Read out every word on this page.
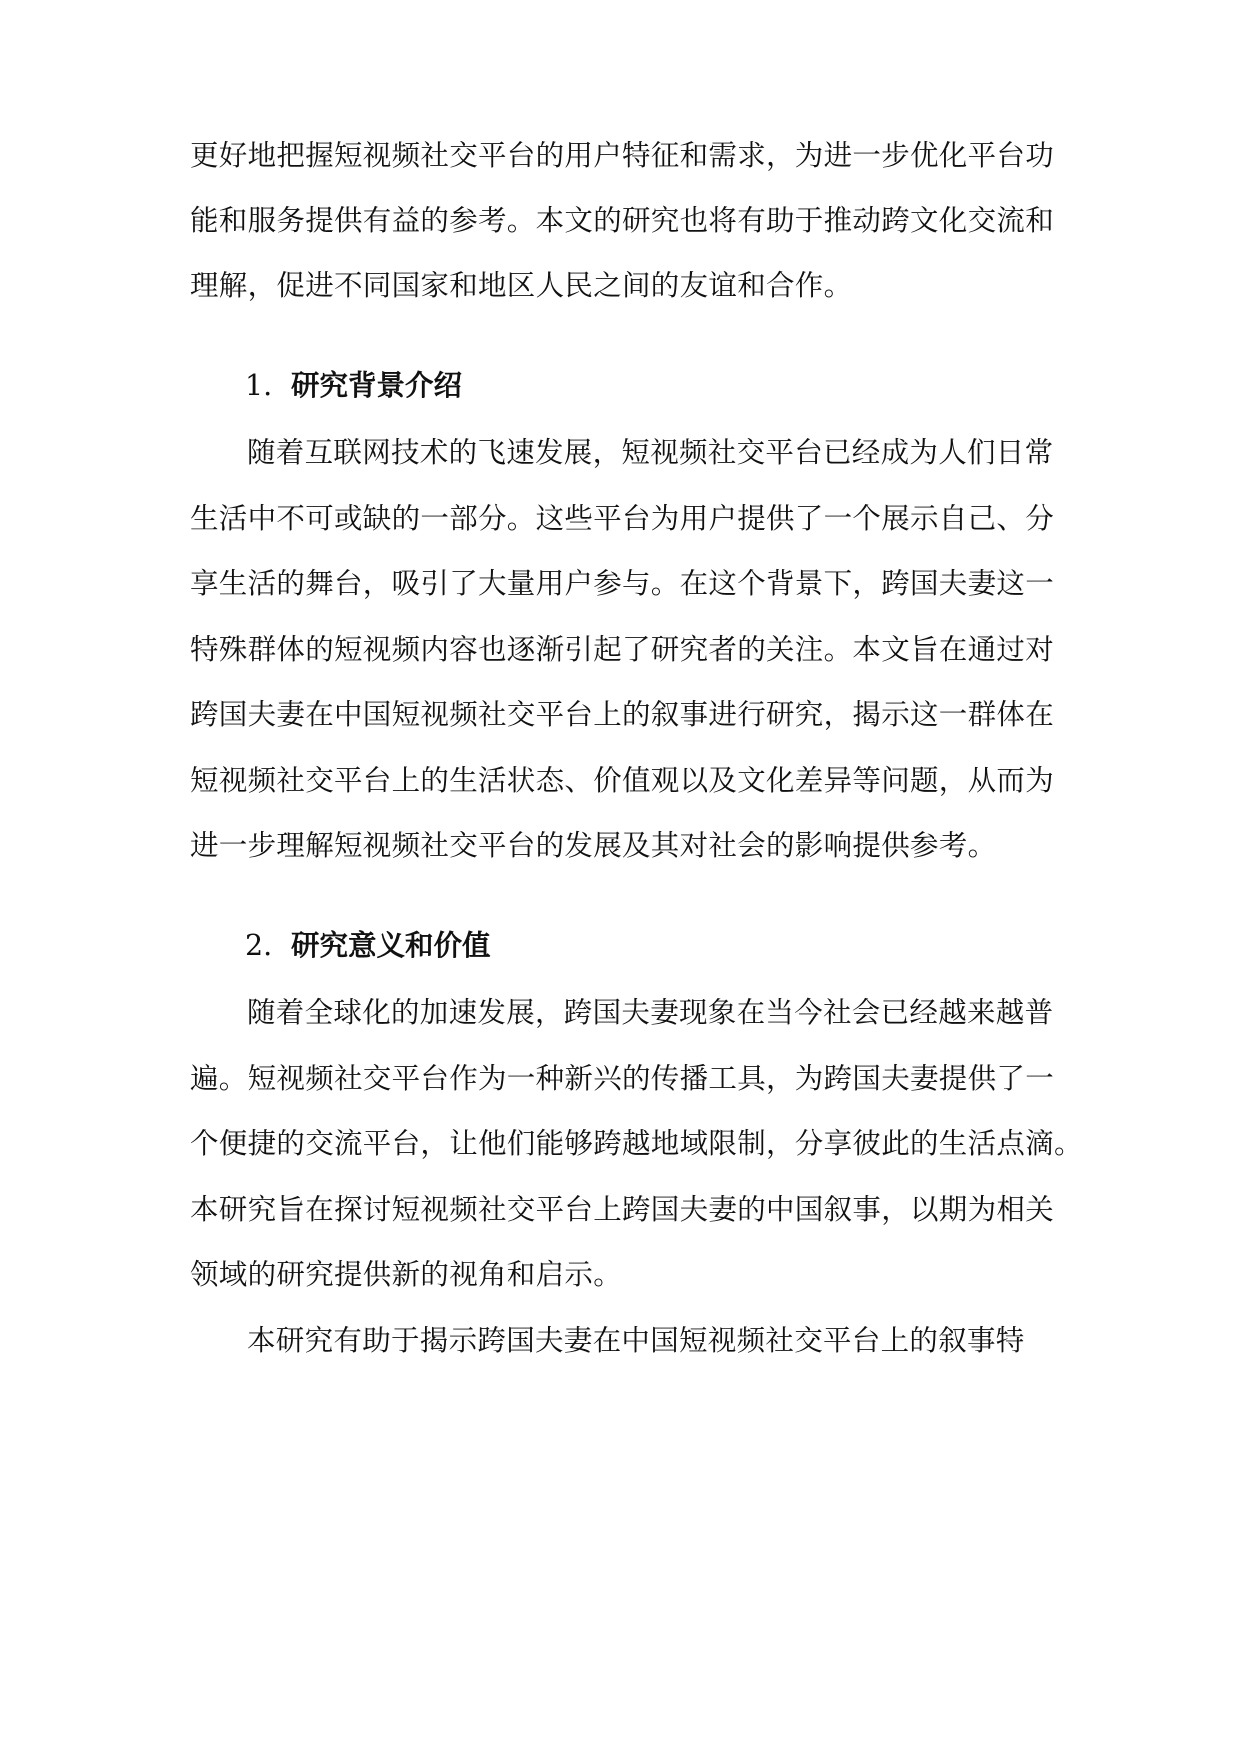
更好地把握短视频社交平台的用户特征和需求，为进一步优化平台功
能和服务提供有益的参考。本文的研究也将有助于推动跨文化交流和
理解，促进不同国家和地区人民之间的友谊和合作。
1. 研究背景介绍
随着互联网技术的飞速发展，短视频社交平台已经成为人们日常
生活中不可或缺的一部分。这些平台为用户提供了一个展示自己、分
享生活的舞台，吸引了大量用户参与。在这个背景下，跨国夫妻这一
特殊群体的短视频内容也逐渐引起了研究者的关注。本文旨在通过对
跨国夫妻在中国短视频社交平台上的叙事进行研究，揭示这一群体在
短视频社交平台上的生活状态、价值观以及文化差异等问题，从而为
进一步理解短视频社交平台的发展及其对社会的影响提供参考。
2. 研究意义和价值
随着全球化的加速发展，跨国夫妻现象在当今社会已经越来越普
遍。短视频社交平台作为一种新兴的传播工具，为跨国夫妻提供了一
个便捷的交流平台，让他们能够跨越地域限制，分享彼此的生活点滴。
本研究旨在探讨短视频社交平台上跨国夫妻的中国叙事，以期为相关
领域的研究提供新的视角和启示。
本研究有助于揭示跨国夫妻在中国短视频社交平台上的叙事特
